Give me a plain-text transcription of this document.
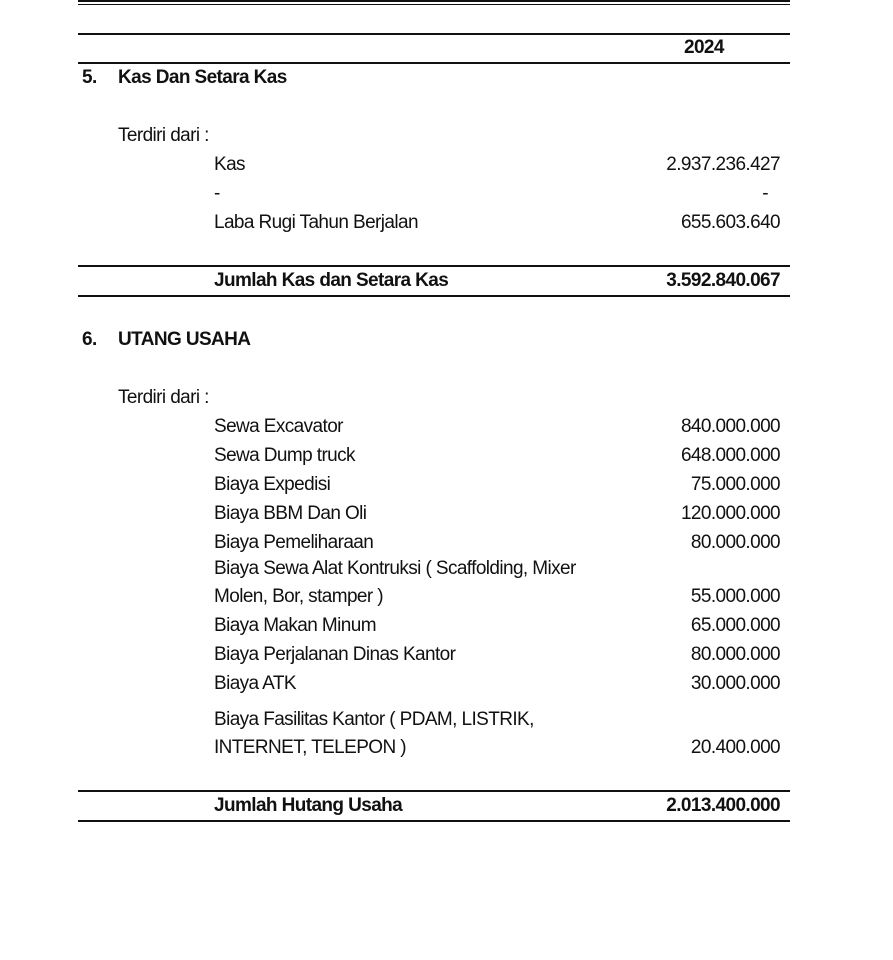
2024
5. Kas Dan Setara Kas
Terdiri dari :
Kas	2.937.236.427
-	-
Laba Rugi Tahun Berjalan	655.603.640
Jumlah Kas dan Setara Kas	3.592.840.067
6. UTANG USAHA
Terdiri dari :
Sewa Excavator	840.000.000
Sewa Dump truck	648.000.000
Biaya Expedisi	75.000.000
Biaya BBM Dan Oli	120.000.000
Biaya Pemeliharaan	80.000.000
Biaya Sewa Alat Kontruksi ( Scaffolding, Mixer
Molen, Bor, stamper )	55.000.000
Biaya Makan Minum	65.000.000
Biaya Perjalanan Dinas Kantor	80.000.000
Biaya ATK	30.000.000
Biaya Fasilitas Kantor ( PDAM, LISTRIK,
INTERNET, TELEPON )	20.400.000
Jumlah Hutang Usaha	2.013.400.000
